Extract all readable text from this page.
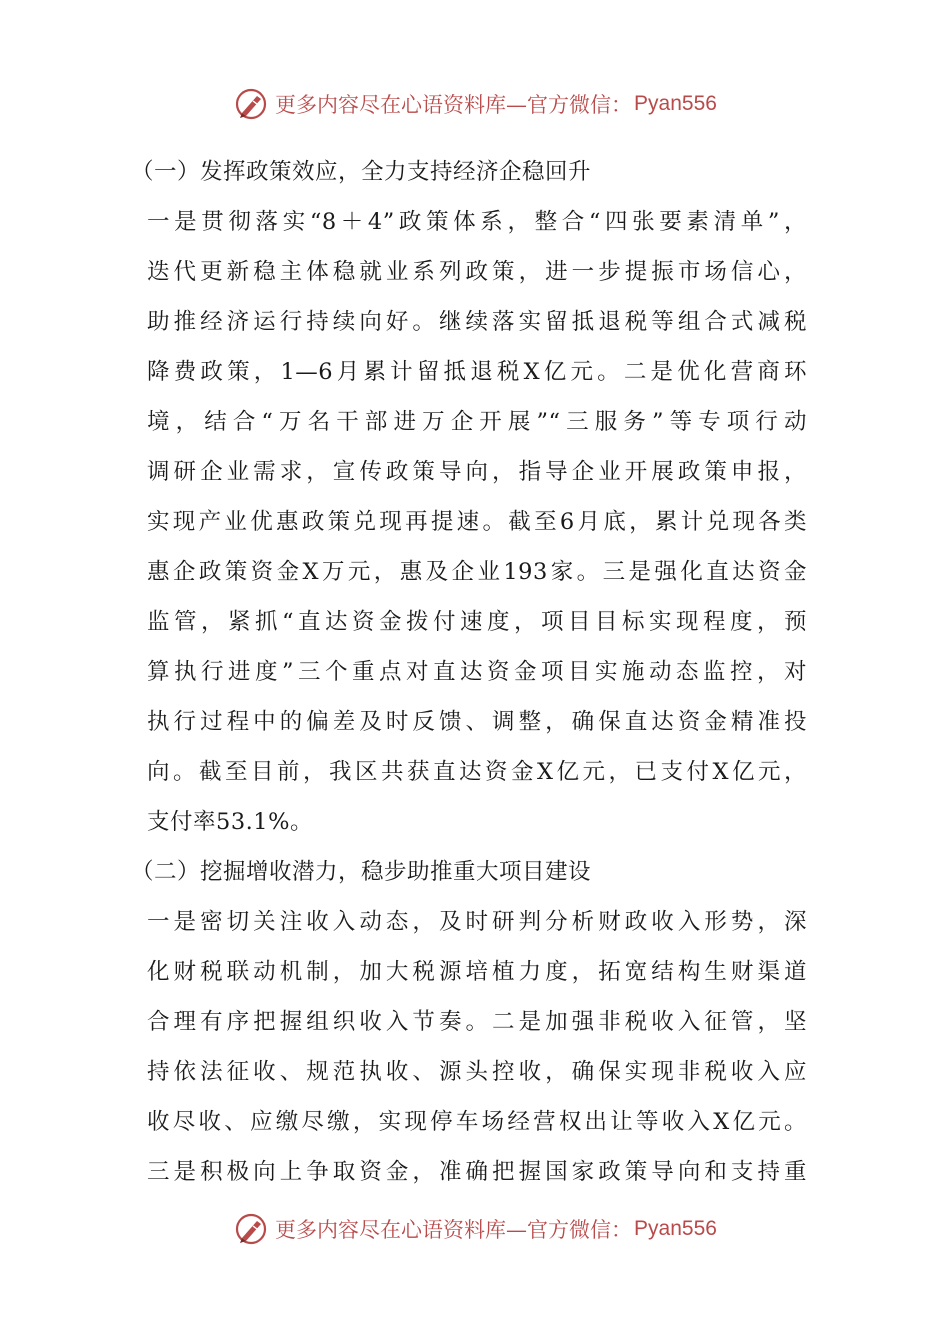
更多内容尽在心语资料库—官方微信： Pyan556
（一）发挥政策效应，全力支持经济企稳回升
一是贯彻落实“8＋4”政策体系，整合“四张要素清单”，
迭代更新稳主体稳就业系列政策，进一步提振市场信心，
助推经济运行持续向好。继续落实留抵退税等组合式减税
降费政策，1—6月累计留抵退税X亿元。二是优化营商环
境，结合“万名干部进万企开展”“三服务”等专项行动
调研企业需求，宣传政策导向，指导企业开展政策申报，
实现产业优惠政策兑现再提速。截至6月底，累计兑现各类
惠企政策资金X万元，惠及企业193家。三是强化直达资金
监管，紧抓“直达资金拨付速度，项目目标实现程度，预
算执行进度”三个重点对直达资金项目实施动态监控，对
执行过程中的偏差及时反馈、调整，确保直达资金精准投
向。截至目前，我区共获直达资金X亿元，已支付X亿元，
支付率53.1%。
（二）挖掘增收潜力，稳步助推重大项目建设
一是密切关注收入动态，及时研判分析财政收入形势，深
化财税联动机制，加大税源培植力度，拓宽结构生财渠道
合理有序把握组织收入节奏。二是加强非税收入征管，坚
持依法征收、规范执收、源头控收，确保实现非税收入应
收尽收、应缴尽缴，实现停车场经营权出让等收入X亿元。
三是积极向上争取资金，准确把握国家政策导向和支持重
更多内容尽在心语资料库—官方微信： Pyan556
